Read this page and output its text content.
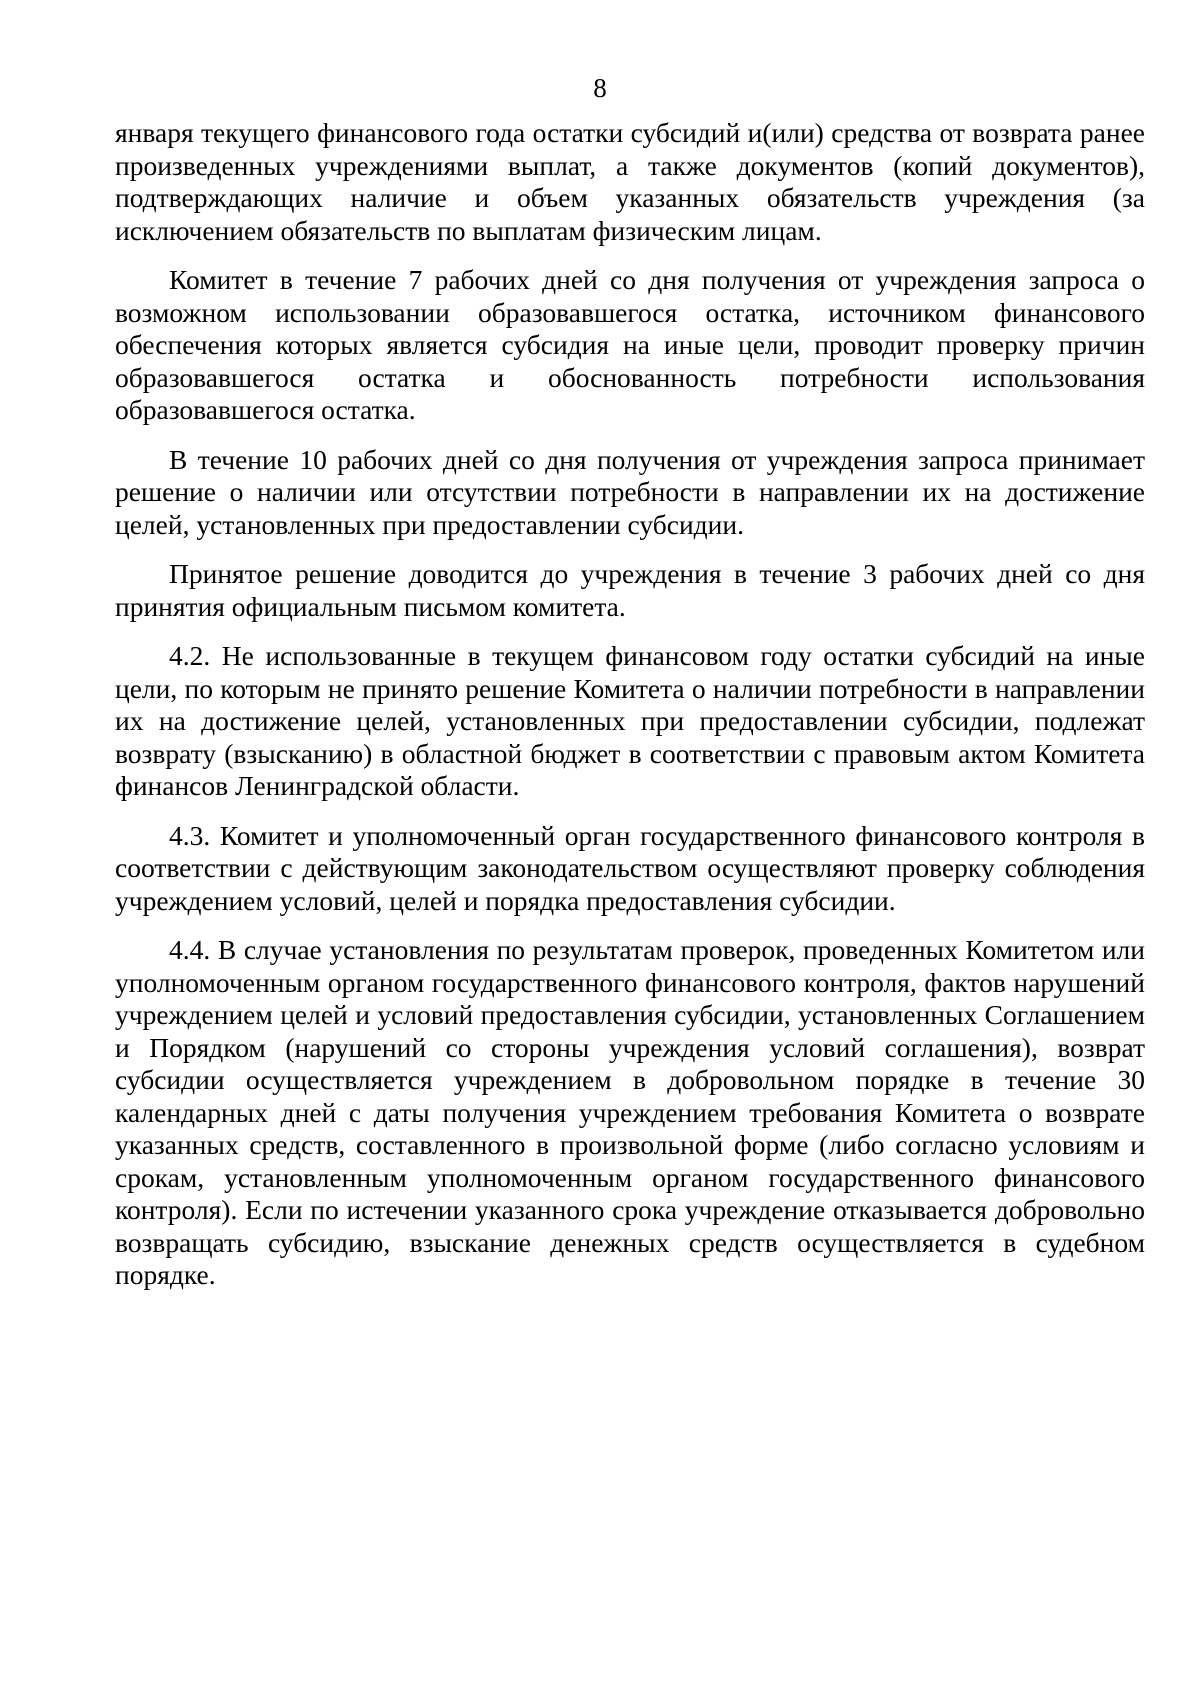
8

января текущего финансового года остатки субсидий и(или) средства от возврата ранее произведенных учреждениями выплат, а также документов (копий документов), подтверждающих наличие и объем указанных обязательств учреждения (за исключением обязательств по выплатам физическим лицам.

Комитет в течение 7 рабочих дней со дня получения от учреждения запроса о возможном использовании образовавшегося остатка, источником финансового обеспечения которых является субсидия на иные цели, проводит проверку причин образовавшегося остатка и обоснованность потребности использования образовавшегося остатка.

В течение 10 рабочих дней со дня получения от учреждения запроса принимает решение о наличии или отсутствии потребности в направлении их на достижение целей, установленных при предоставлении субсидии.

Принятое решение доводится до учреждения в течение 3 рабочих дней со дня принятия официальным письмом комитета.

4.2. Не использованные в текущем финансовом году остатки субсидий на иные цели, по которым не принято решение Комитета о наличии потребности в направлении их на достижение целей, установленных при предоставлении субсидии, подлежат возврату (взысканию) в областной бюджет в соответствии с правовым актом Комитета финансов Ленинградской области.

4.3. Комитет и уполномоченный орган государственного финансового контроля в соответствии с действующим законодательством осуществляют проверку соблюдения учреждением условий, целей и порядка предоставления субсидии.

4.4. В случае установления по результатам проверок, проведенных Комитетом или уполномоченным органом государственного финансового контроля, фактов нарушений учреждением целей и условий предоставления субсидии, установленных Соглашением и Порядком (нарушений со стороны учреждения условий соглашения), возврат субсидии осуществляется учреждением в добровольном порядке в течение 30 календарных дней с даты получения учреждением требования Комитета о возврате указанных средств, составленного в произвольной форме (либо согласно условиям и срокам, установленным уполномоченным органом государственного финансового контроля). Если по истечении указанного срока учреждение отказывается добровольно возвращать субсидию, взыскание денежных средств осуществляется в судебном порядке.
